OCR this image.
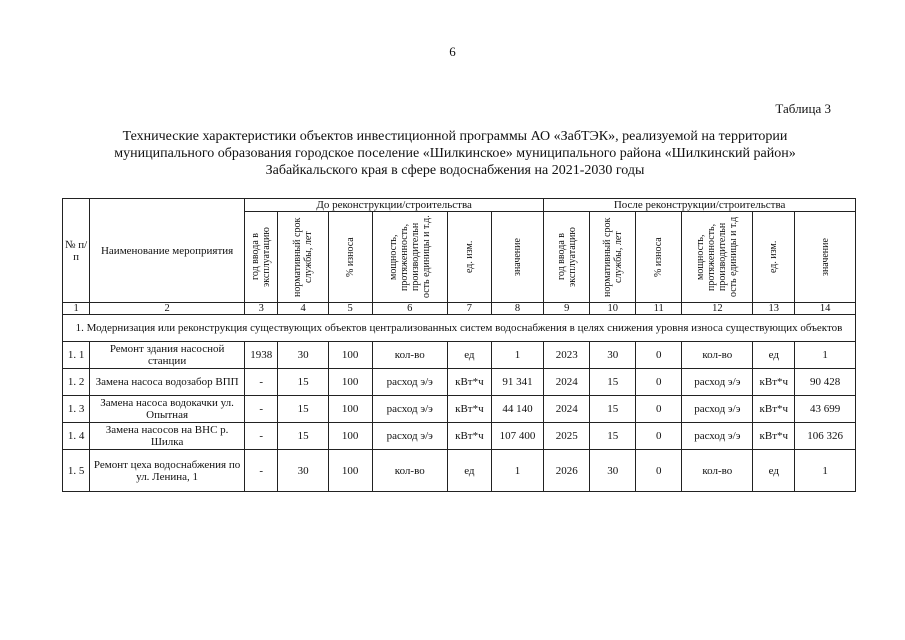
6
Таблица 3
Технические характеристики объектов инвестиционной программы АО «ЗабТЭК», реализуемой на территории
муниципального образования городское поселение «Шилкинское» муниципального района «Шилкинский район»
Забайкальского края в сфере водоснабжения на 2021-2030 годы
№ п/ п	Наименование мероприятия	До реконструкции/строительства						После реконструкции/строительства					

		год ввода в эксплуатацию	нормативный срок службы, лет	% износа	мощность, протяженность, производительн ость единицы и т.д.	ед. изм.	значение	год ввода в эксплуатацию	нормативный срок службы, лет	% износа	мощность, протяженность, производительн ость единицы и т.д	ед. изм.	значение

1	2	3	4	5	6	7	8	9	10	11	12	13	14
1. Модернизация или реконструкция существующих объектов централизованных систем водоснабжения в целях снижения уровня износа существующих объектов													
1. 1	Ремонт здания насосной станции	1938	30	100	кол-во	ед	1	2023	30	0	кол-во	ед	1
1. 2	Замена насоса водозабор ВПП	-	15	100	расход э/э	кВт*ч	91 341	2024	15	0	расход э/э	кВт*ч	90 428
1. 3	Замена насоса водокачки ул. Опытная	-	15	100	расход э/э	кВт*ч	44 140	2024	15	0	расход э/э	кВт*ч	43 699
1. 4	Замена насосов на ВНС р. Шилка	-	15	100	расход э/э	кВт*ч	107 400	2025	15	0	расход э/э	кВт*ч	106 326
1. 5	Ремонт цеха водоснабжения по ул. Ленина, 1	-	30	100	кол-во	ед	1	2026	30	0	кол-во	ед	1
